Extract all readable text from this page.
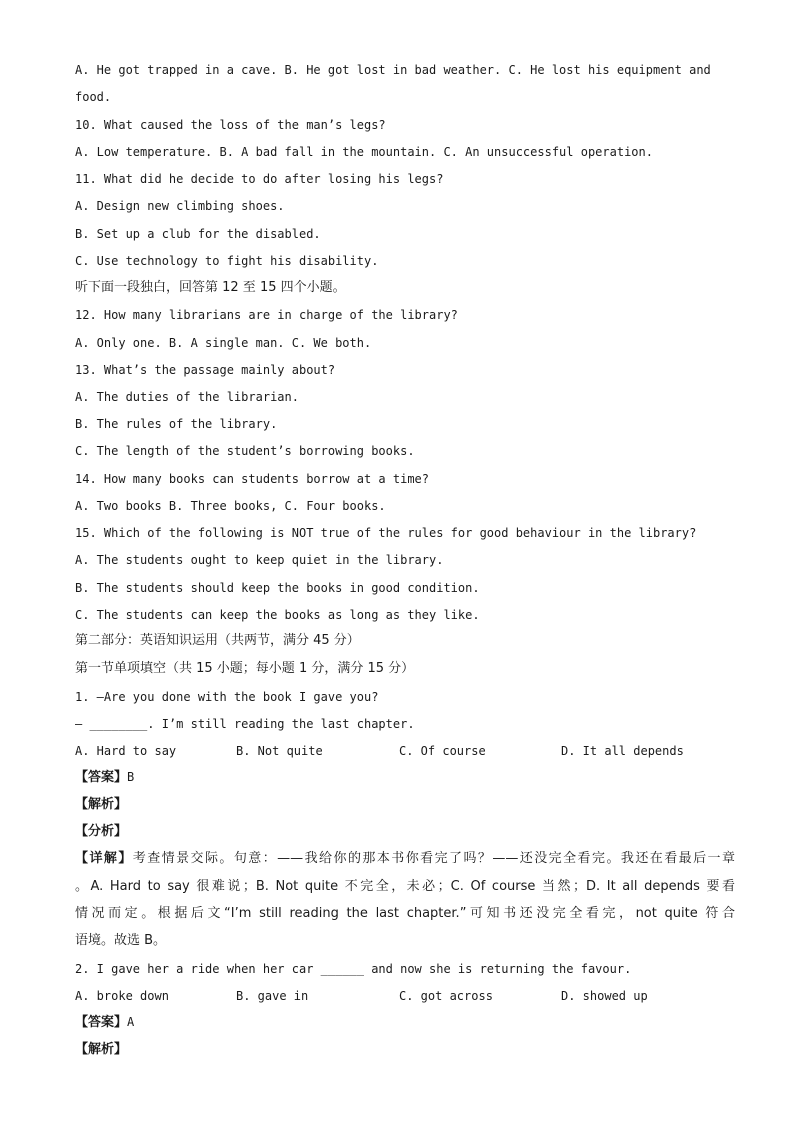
A. He got trapped in a cave. B. He got lost in bad weather. C. He lost his equipment and
food.
10. What caused the loss of the man’s legs?
A. Low temperature. B. A bad fall in the mountain. C. An unsuccessful operation.
11. What did he decide to do after losing his legs?
A. Design new climbing shoes.
B. Set up a club for the disabled.
C. Use technology to fight his disability.
听下面一段独白，回答第 12 至 15 四个小题。
12. How many librarians are in charge of the library?
A. Only one. B. A single man. C. We both.
13. What’s the passage mainly about?
A. The duties of the librarian.
B. The rules of the library.
C. The length of the student’s borrowing books.
14. How many books can students borrow at a time?
A. Two books B. Three books, C. Four books.
15. Which of the following is NOT true of the rules for good behaviour in the library?
A. The students ought to keep quiet in the library.
B. The students should keep the books in good condition.
C. The students can keep the books as long as they like.
第二部分：英语知识运用（共两节，满分 45 分）
第一节单项填空（共 15 小题；每小题 1 分，满分 15 分）
1. —Are you done with the book I gave you?
— ________. I’m still reading the last chapter.

A. Hard to say

	B. Not quite

	C. Of course

	D. It all depends

【答案】B
【解析】
【分析】
【详解】考查情景交际。句意：——我给你的那本书你看完了吗？——还没完全看完。我还在看最后一章
。A. Hard to say 很难说；B. Not quite 不完全，未必；C. Of course 当然；D. It all depends 要看
情况而定。根据后文“I’m still reading the last chapter.”可知书还没完全看完，not quite 符合
语境。故选 B。
2. I gave her a ride when her car ______ and now she is returning the favour.

A. broke down

	B. gave in

	C. got across

	D. showed up

【答案】A
【解析】
